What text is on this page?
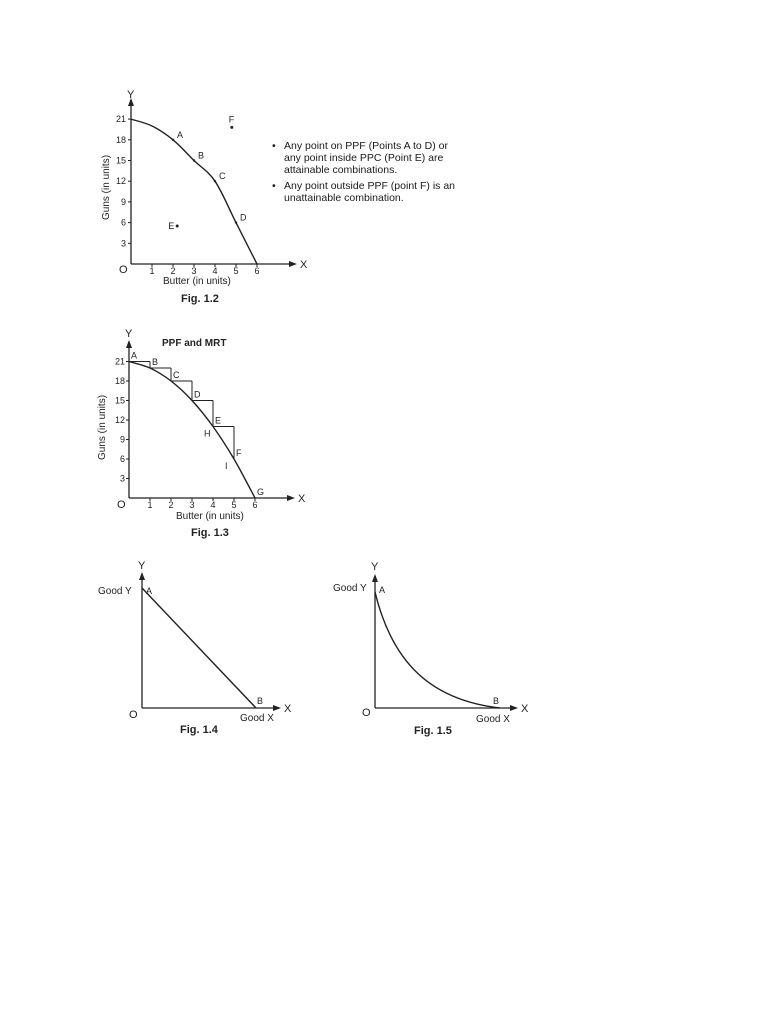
Y
X
O
3
6
9
12
15
18
21
1 2 3 4 5 6
Guns (in units)
Butter (in units)
A
B
C
D
E
F
Fig. 1.2
Y
X
O
PPF and MRT
3
6
9
12
15
18
21
1 2 3 4 5 6
Guns (in units)
Butter (in units)
H
I
A
B
C
D
E
F
G
Fig. 1.3
Y
X
O
Good Y
Good X
A
B
Fig. 1.4
Y
X
O
Good Y
Good X
A
B
Fig. 1.5
• Any point on PPF (Points A to D) or any point inside PPC (Point E) are attainable combinations.
• Any point outside PPF (point F) is an unattainable combination.
